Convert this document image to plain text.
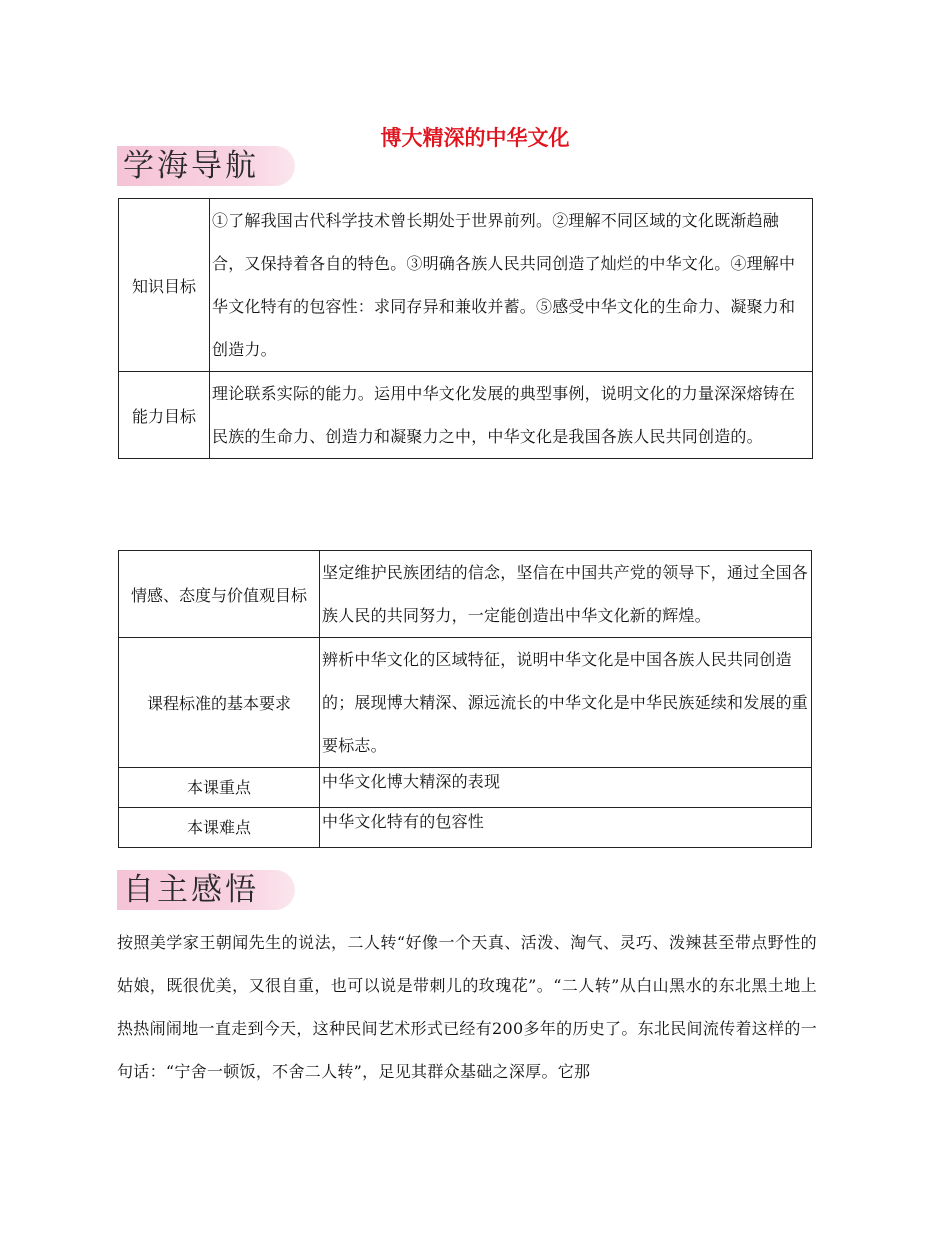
博大精深的中华文化
学海导航
知识目标	①了解我国古代科学技术曾长期处于世界前列。②理解不同区域的文化既渐趋融合，又保持着各自的特色。③明确各族人民共同创造了灿烂的中华文化。④理解中华文化特有的包容性：求同存异和兼收并蓄。⑤感受中华文化的生命力、凝聚力和创造力。
能力目标	理论联系实际的能力。运用中华文化发展的典型事例，说明文化的力量深深熔铸在民族的生命力、创造力和凝聚力之中，中华文化是我国各族人民共同创造的。
情感、态度与价值观目标	坚定维护民族团结的信念，坚信在中国共产党的领导下，通过全国各族人民的共同努力，一定能创造出中华文化新的辉煌。
课程标准的基本要求	辨析中华文化的区域特征，说明中华文化是中国各族人民共同创造的；展现博大精深、源远流长的中华文化是中华民族延续和发展的重要标志。
本课重点	中华文化博大精深的表现
本课难点	中华文化特有的包容性
自主感悟
按照美学家王朝闻先生的说法，二人转“好像一个天真、活泼、淘气、灵巧、泼辣甚至带点野性的姑娘，既很优美，又很自重，也可以说是带刺儿的玫瑰花”。“二人转”从白山黑水的东北黑土地上热热闹闹地一直走到今天，这种民间艺术形式已经有200多年的历史了。东北民间流传着这样的一句话：“宁舍一顿饭，不舍二人转”，足见其群众基础之深厚。它那
